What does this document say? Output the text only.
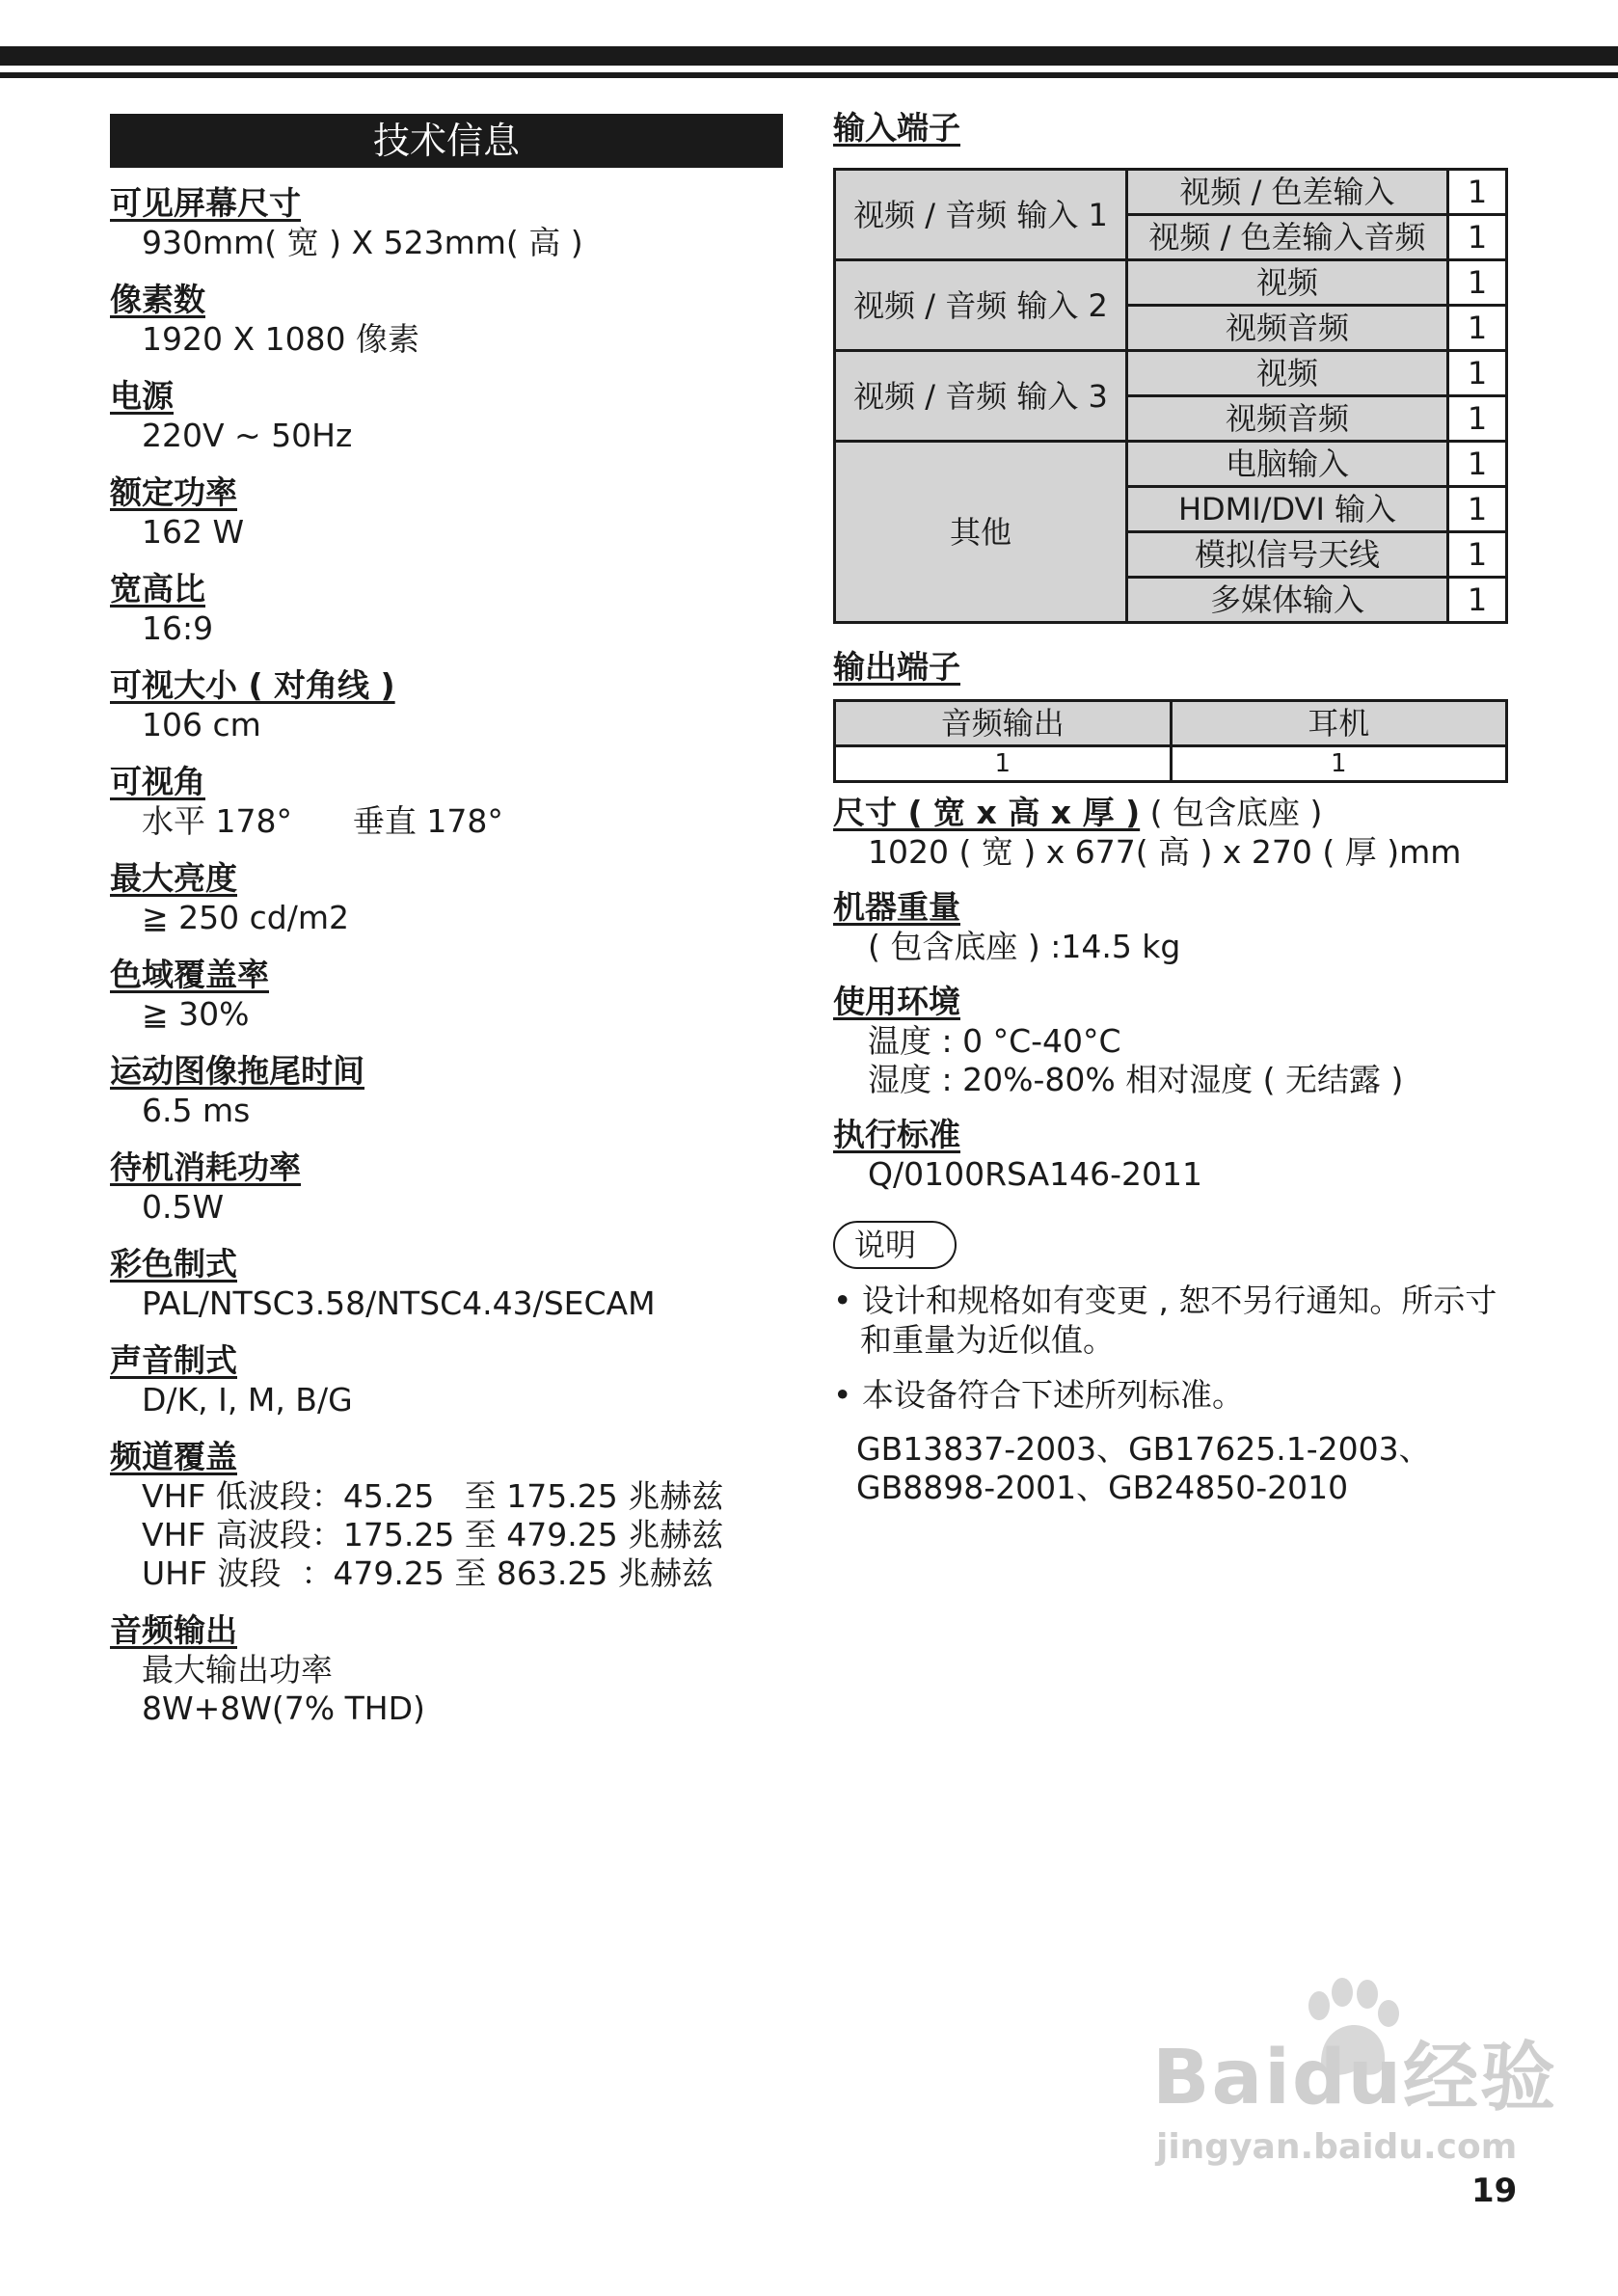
技术信息
可见屏幕尺寸
930mm( 宽 ) X 523mm( 高 )
像素数
1920 X 1080 像素
电源
220V ~ 50Hz
额定功率
162 W
宽高比
16:9
可视大小 ( 对角线 )
106 cm
可视角
水平 178°      垂直 178°
最大亮度
≧ 250 cd/m2
色域覆盖率
≧ 30%
运动图像拖尾时间
6.5 ms
待机消耗功率
0.5W
彩色制式
PAL/NTSC3.58/NTSC4.43/SECAM
声音制式
D/K, I, M, B/G
频道覆盖
VHF 低波段：45.25   至 175.25 兆赫兹
VHF 高波段：175.25 至 479.25 兆赫兹
UHF 波段  ：479.25 至 863.25 兆赫兹
音频输出
最大输出功率
8W+8W(7% THD)
输入端子
视频 / 音频 输入 1	视频 / 色差输入	1
	视频 / 色差输入音频	1
视频 / 音频 输入 2	视频	1
	视频音频	1
视频 / 音频 输入 3	视频	1
	视频音频	1
其他	电脑输入	1
	HDMI/DVI 输入	1
	模拟信号天线	1
	多媒体输入	1
输出端子
音频输出	耳机
1	1
尺寸 ( 宽 x 高 x 厚 ) ( 包含底座 )
1020 ( 宽 ) x 677( 高 ) x 270 ( 厚 )mm
机器重量
( 包含底座 ) :14.5 kg
使用环境
温度 : 0 °C-40°C
湿度 : 20%-80% 相对湿度 ( 无结露 )
执行标准
Q/0100RSA146-2011
说明
• 设计和规格如有变更 , 恕不另行通知。所示寸和重量为近似值。
• 本设备符合下述所列标准。
GB13837-2003、GB17625.1-2003、
GB8898-2001、GB24850-2010
Baidu经验
jingyan.baidu.com
19
